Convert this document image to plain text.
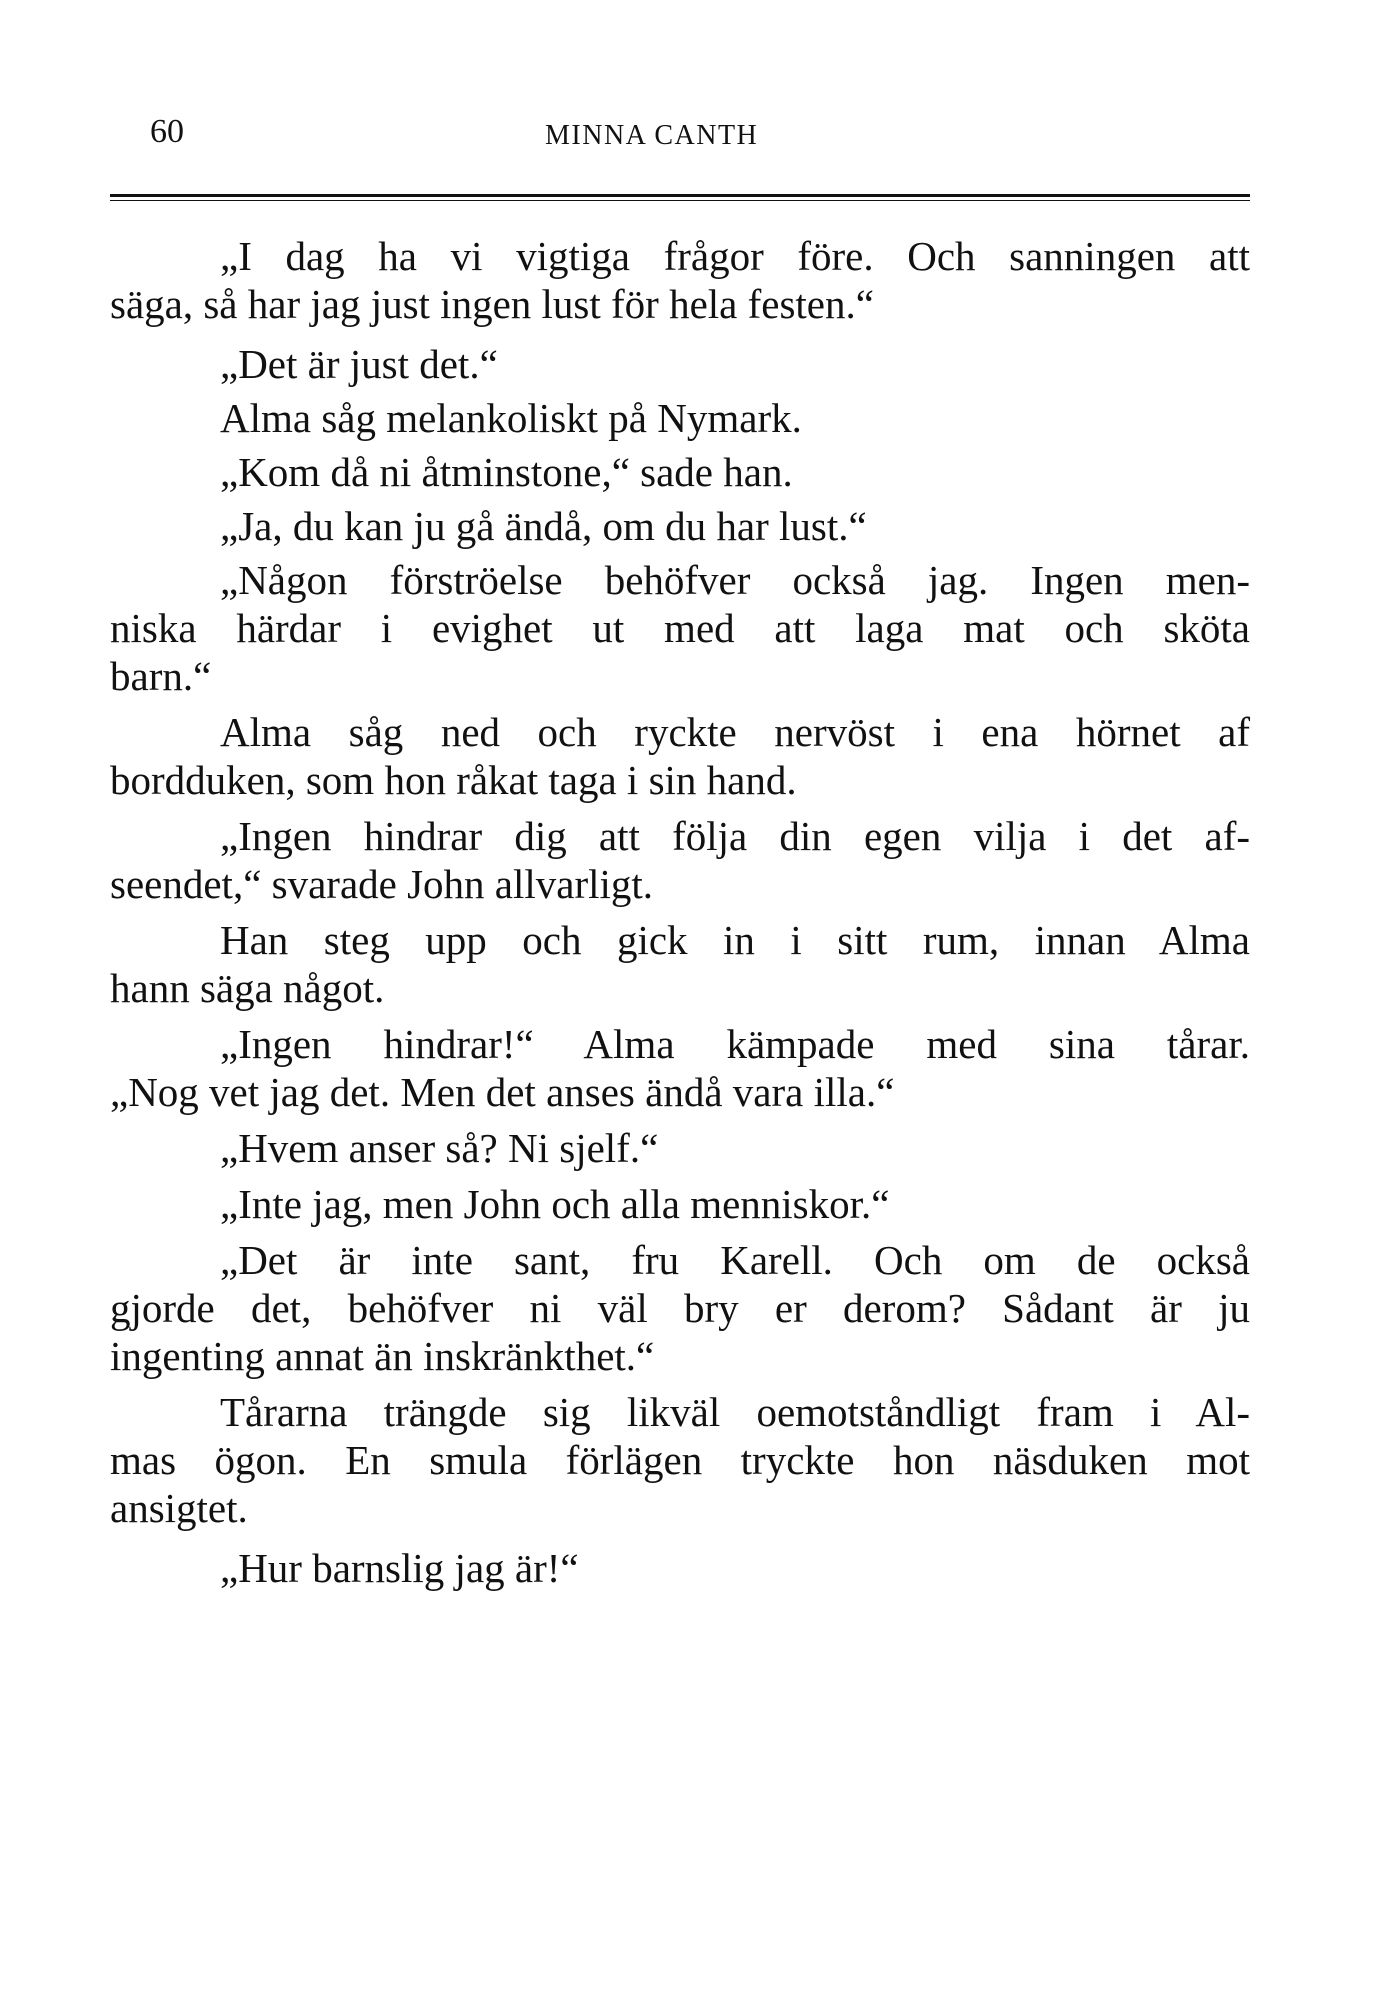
60	MINNA CANTH
„I dag ha vi vigtiga frågor före. Och sanningen att
säga, så har jag just ingen lust för hela festen.“
„Det är just det.“
Alma såg melankoliskt på Nymark.
„Kom då ni åtminstone,“ sade han.
„Ja, du kan ju gå ändå, om du har lust.“
„Någon förströelse behöfver också jag. Ingen men-
niska härdar i evighet ut med att laga mat och sköta
barn.“
Alma såg ned och ryckte nervöst i ena hörnet af
bordduken, som hon råkat taga i sin hand.
„Ingen hindrar dig att följa din egen vilja i det af-
seendet,“ svarade John allvarligt.
Han steg upp och gick in i sitt rum, innan Alma
hann säga något.
„Ingen hindrar!“ Alma kämpade med sina tårar.
„Nog vet jag det. Men det anses ändå vara illa.“
„Hvem anser så? Ni sjelf.“
„Inte jag, men John och alla menniskor.“
„Det är inte sant, fru Karell. Och om de också
gjorde det, behöfver ni väl bry er derom? Sådant är ju
ingenting annat än inskränkthet.“
Tårarna trängde sig likväl oemotståndligt fram i Al-
mas ögon. En smula förlägen tryckte hon näsduken mot
ansigtet.
„Hur barnslig jag är!“
